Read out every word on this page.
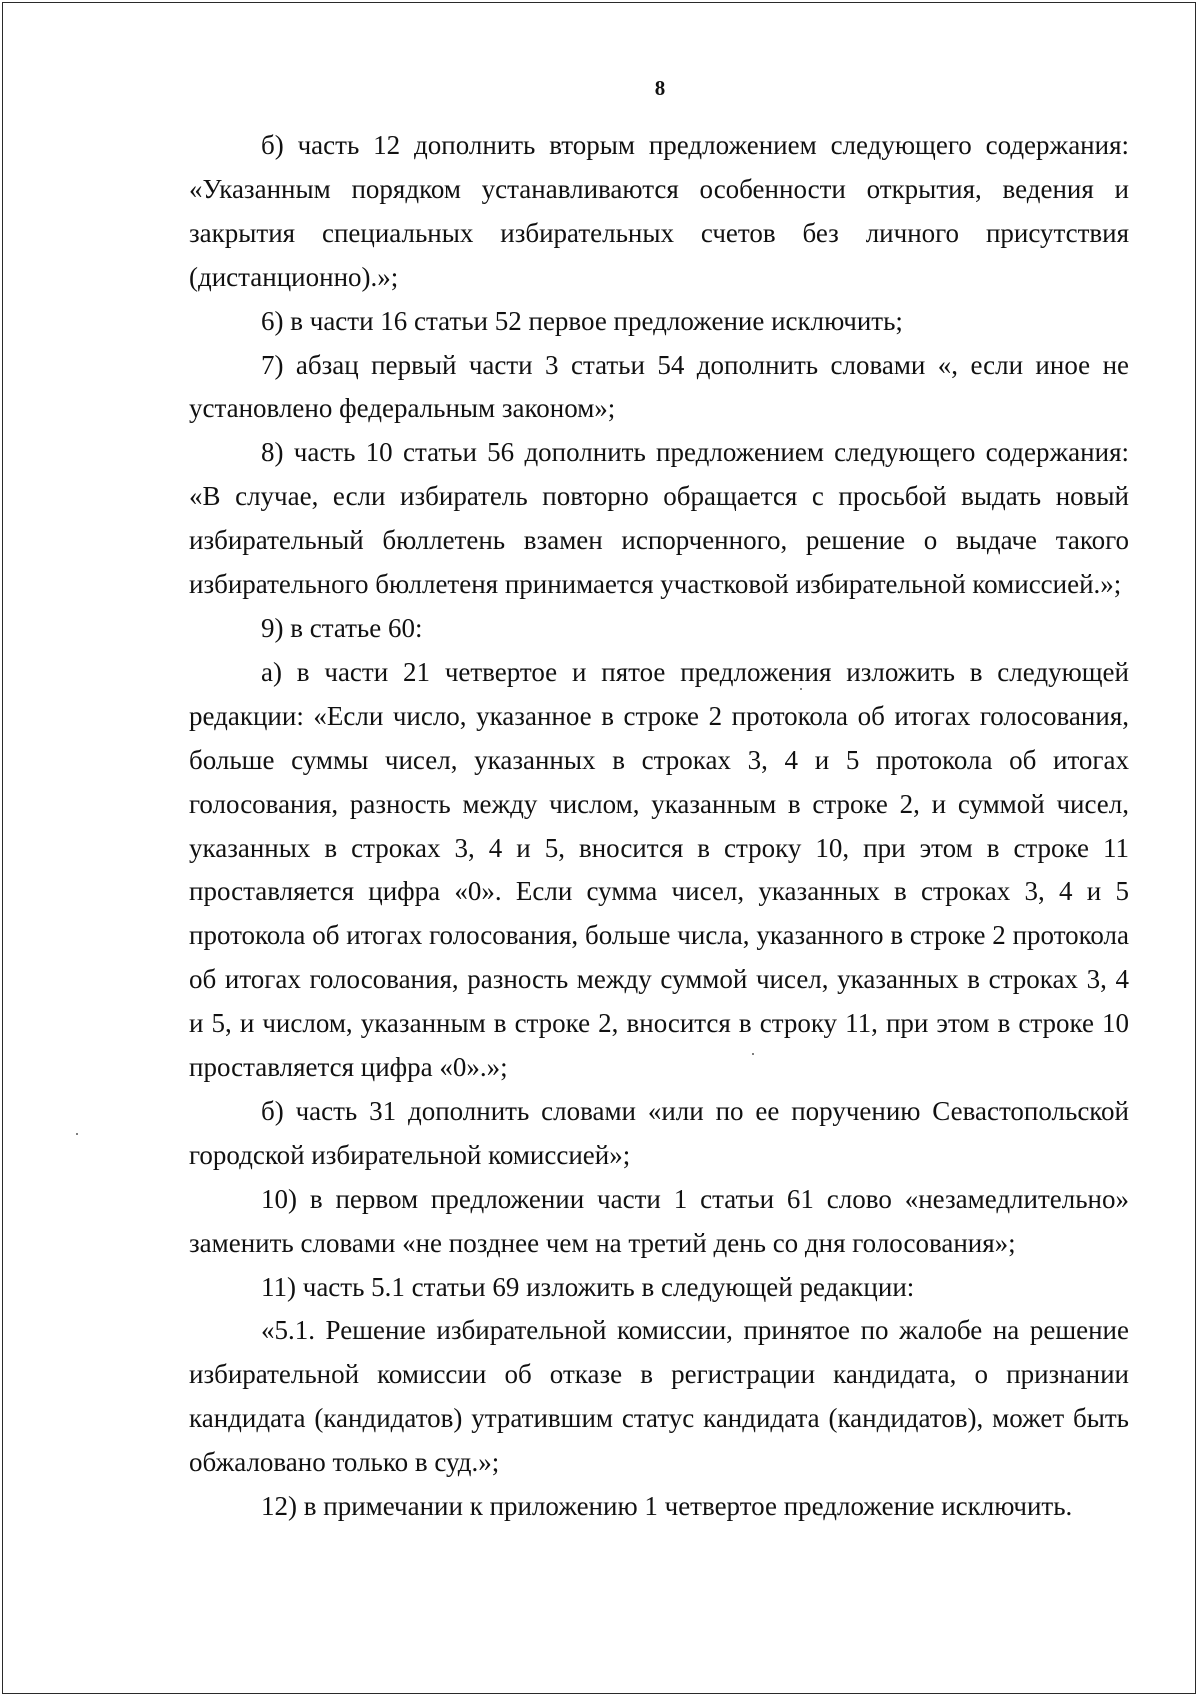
8

б) часть 12 дополнить вторым предложением следующего содержания: «Указанным порядком устанавливаются особенности открытия, ведения и закрытия специальных избирательных счетов без личного присутствия (дистанционно).»;

6) в части 16 статьи 52 первое предложение исключить;

7) абзац первый части 3 статьи 54 дополнить словами «, если иное не установлено федеральным законом»;

8) часть 10 статьи 56 дополнить предложением следующего содержания: «В случае, если избиратель повторно обращается с просьбой выдать новый избирательный бюллетень взамен испорченного, решение о выдаче такого избирательного бюллетеня принимается участковой избирательной комиссией.»;

9) в статье 60:

а) в части 21 четвертое и пятое предложения изложить в следующей редакции: «Если число, указанное в строке 2 протокола об итогах голосования, больше суммы чисел, указанных в строках 3, 4 и 5 протокола об итогах голосования, разность между числом, указанным в строке 2, и суммой чисел, указанных в строках 3, 4 и 5, вносится в строку 10, при этом в строке 11 проставляется цифра «0». Если сумма чисел, указанных в строках 3, 4 и 5 протокола об итогах голосования, больше числа, указанного в строке 2 протокола об итогах голосования, разность между суммой чисел, указанных в строках 3, 4 и 5, и числом, указанным в строке 2, вносится в строку 11, при этом в строке 10 проставляется цифра «0».»;

б) часть 31 дополнить словами «или по ее поручению Севастопольской городской избирательной комиссией»;

10) в первом предложении части 1 статьи 61 слово «незамедлительно» заменить словами «не позднее чем на третий день со дня голосования»;

11) часть 5.1 статьи 69 изложить в следующей редакции:

«5.1. Решение избирательной комиссии, принятое по жалобе на решение избирательной комиссии об отказе в регистрации кандидата, о признании кандидата (кандидатов) утратившим статус кандидата (кандидатов), может быть обжаловано только в суд.»;

12) в примечании к приложению 1 четвертое предложение исключить.
